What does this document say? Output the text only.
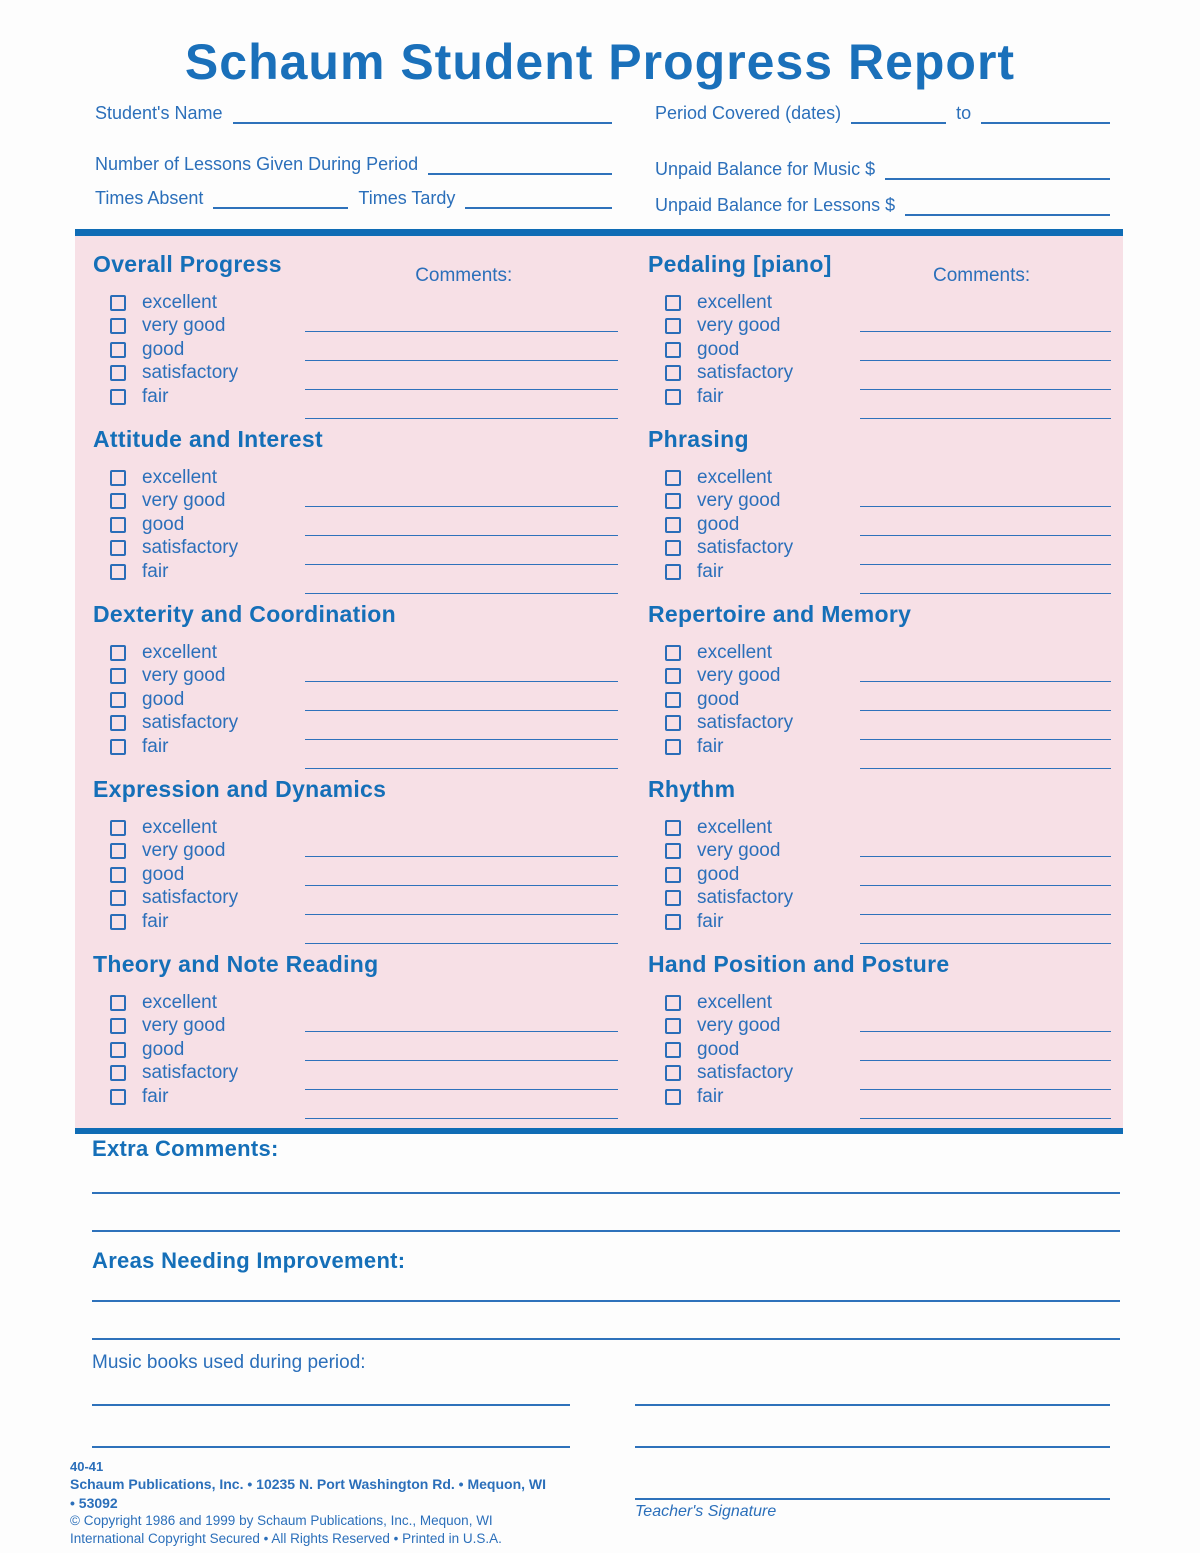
Schaum Student Progress Report
Student's Name	Period Covered (dates)	to
Number of Lessons Given During Period	Unpaid Balance for Music $
Times Absent	Times Tardy	Unpaid Balance for Lessons $
Overall Progress	Comments:
excellent
very good
good
satisfactory
fair
Pedaling [piano]	Comments:
excellent
very good
good
satisfactory
fair
Attitude and Interest
excellent
very good
good
satisfactory
fair
Phrasing
excellent
very good
good
satisfactory
fair
Dexterity and Coordination
excellent
very good
good
satisfactory
fair
Repertoire and Memory
excellent
very good
good
satisfactory
fair
Expression and Dynamics
excellent
very good
good
satisfactory
fair
Rhythm
excellent
very good
good
satisfactory
fair
Theory and Note Reading
excellent
very good
good
satisfactory
fair
Hand Position and Posture
excellent
very good
good
satisfactory
fair
Extra Comments:
Areas Needing Improvement:

Music books used during period:

40-41
Schaum Publications, Inc. • 10235 N. Port Washington Rd. • Mequon, WI • 53092
© Copyright 1986 and 1999 by Schaum Publications, Inc., Mequon, WI
International Copyright Secured • All Rights Reserved • Printed in U.S.A.
Teacher's Signature
